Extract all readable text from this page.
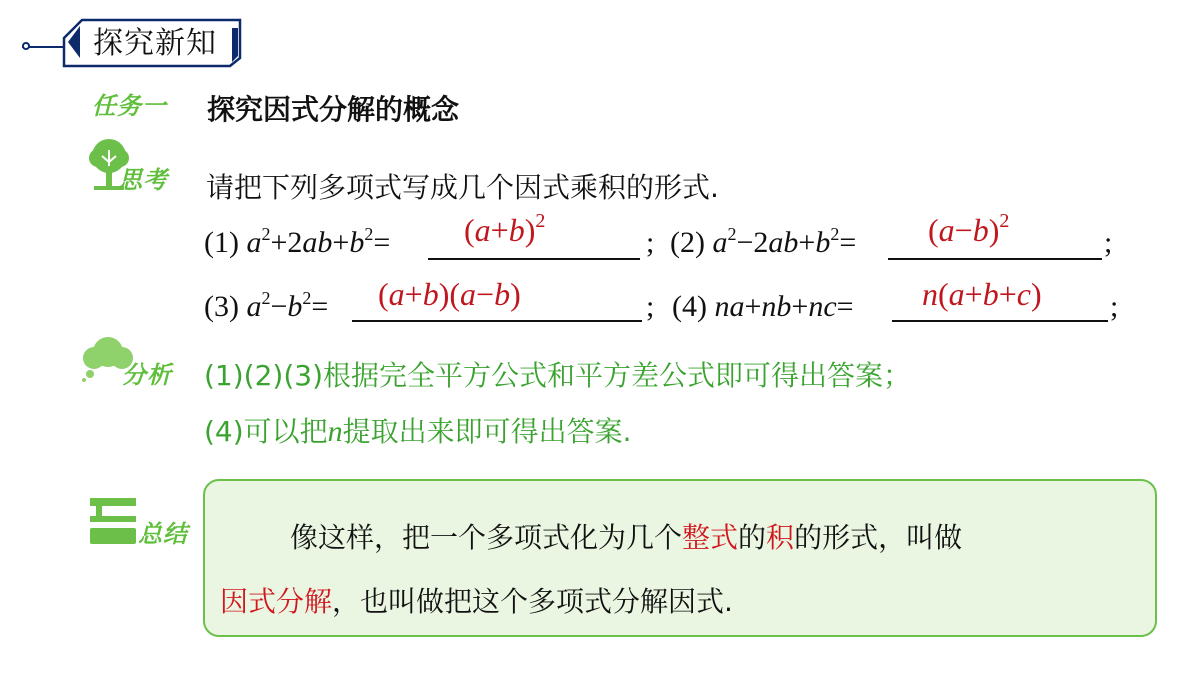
探究新知
任务一 探究因式分解的概念
思考 请把下列多项式写成几个因式乘积的形式.
(1) $a^2+2ab+b^2= (a+b)^2$
; (2) $a^2-2ab+b^2= (a-b)^2$
;
(3) $a^2-b^2= (a+b)(a-b)$	; (4) na+nb+nc= n(a+b+c) ;
分析 (1)(2)(3)根据完全平方公式和平方差公式即可得出答案；
(4)可以把n提取出来即可得出答案.
总结	像这样，把一个多项式化为几个整式的积的形式，叫做
因式分解，也叫做把这个多项式分解因式.
